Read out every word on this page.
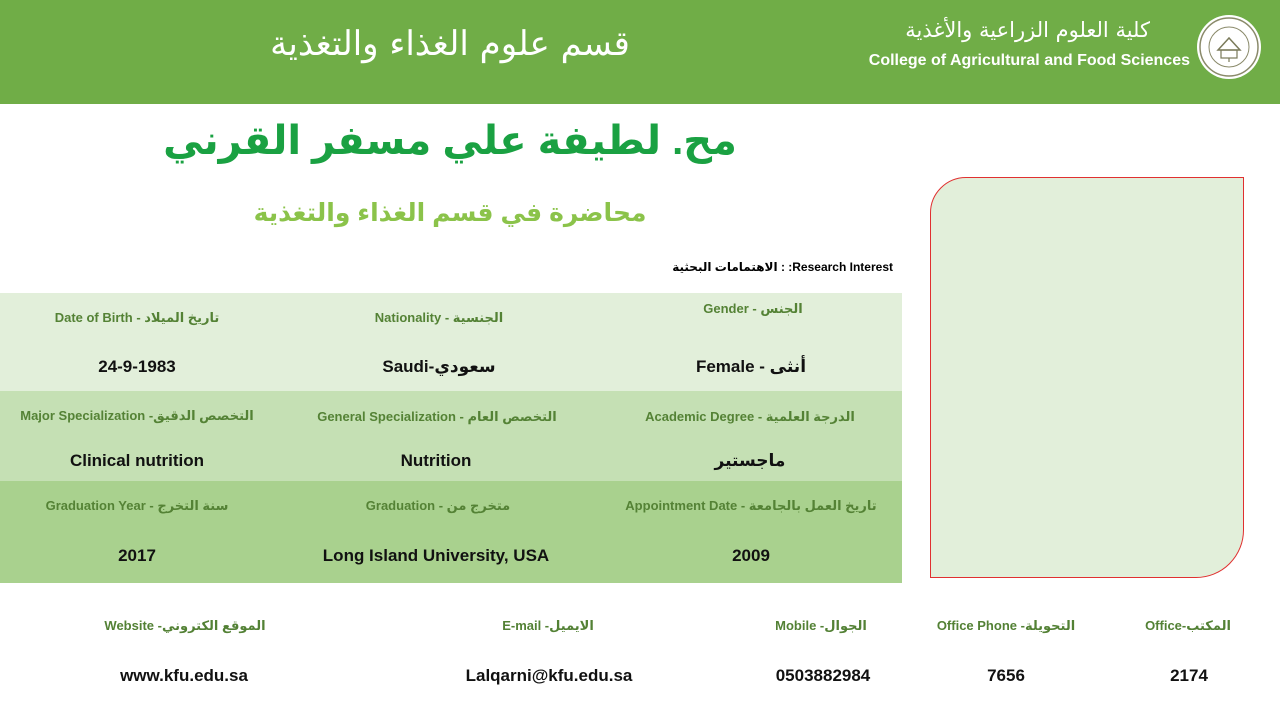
قسم علوم الغذاء والتغذية	كلية العلوم الزراعية والأغذية
College of Agricultural and Food Sciences
مح. لطيفة علي مسفر القرني
محاضرة في قسم الغذاء والتغذية
الاهتمامات البحثية : :Research Interest
Date of Birth - تاريخ الميلاد
24-9-1983
Nationality - الجنسية
Saudi-سعودي
Gender - الجنس
Female - أنثى
Major Specialization -التخصص الدقيق
Clinical nutrition
General Specialization - التخصص العام
Nutrition
Academic Degree - الدرجة العلمية
ماجستير
Graduation Year - سنة التخرج
2017
Graduation - متخرج من
Long Island University, USA
Appointment Date - تاريخ العمل بالجامعة
2009
Website -الموقع الكتروني
www.kfu.edu.sa
E-mail -الايميل
Lalqarni@kfu.edu.sa
Mobile -الجوال
0503882984
Office Phone -التحويلة
7656
Office-المكتب
2174
